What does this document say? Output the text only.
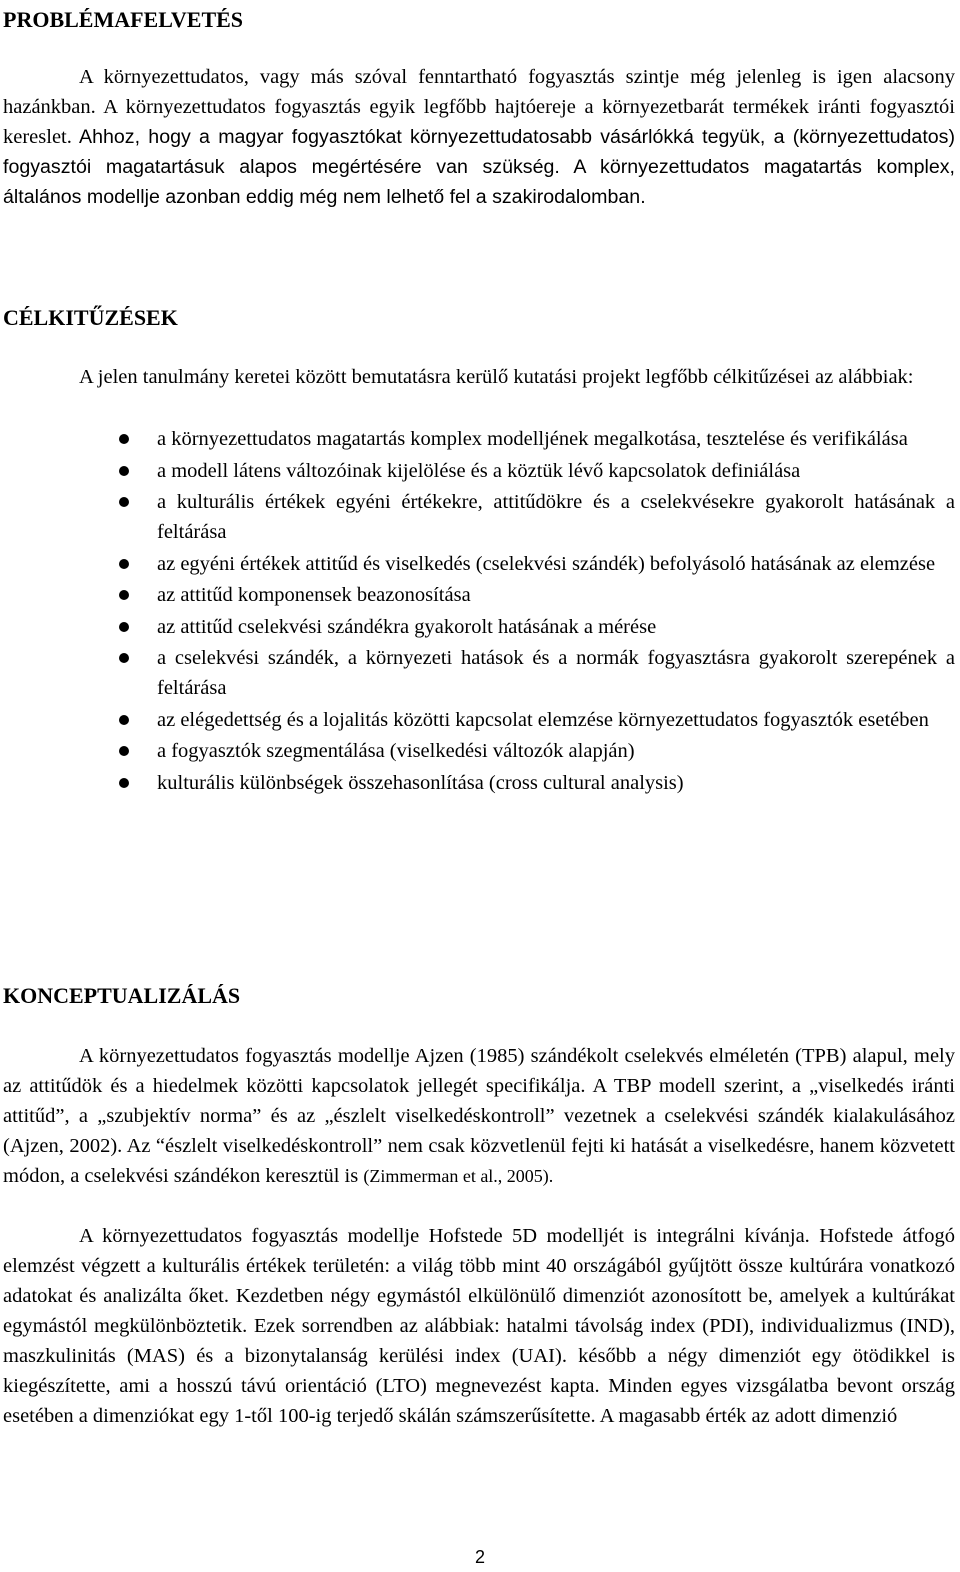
PROBLÉMAFELVETÉS

A környezettudatos, vagy más szóval fenntartható fogyasztás szintje még jelenleg is igen alacsony hazánkban. A környezettudatos fogyasztás egyik legfőbb hajtóereje a környezetbarát termékek iránti fogyasztói kereslet. Ahhoz, hogy a magyar fogyasztókat környezettudatosabb vásárlókká tegyük, a (környezettudatos) fogyasztói magatartásuk alapos megértésére van szükség. A környezettudatos magatartás komplex, általános modellje azonban eddig még nem lelhető fel a szakirodalomban.

CÉLKITŰZÉSEK

A jelen tanulmány keretei között bemutatásra kerülő kutatási projekt legfőbb célkitűzései az alábbiak:

a környezettudatos magatartás komplex modelljének megalkotása, tesztelése és verifikálása
a modell látens változóinak kijelölése és a köztük lévő kapcsolatok definiálása
a kulturális értékek egyéni értékekre, attitűdökre és a cselekvésekre gyakorolt hatásának a feltárása
az egyéni értékek attitűd és viselkedés (cselekvési szándék) befolyásoló hatásának az elemzése
az attitűd komponensek beazonosítása
az attitűd cselekvési szándékra gyakorolt hatásának a mérése
a cselekvési szándék, a környezeti hatások és a normák fogyasztásra gyakorolt szerepének a feltárása
az elégedettség és a lojalitás közötti kapcsolat elemzése környezettudatos fogyasztók esetében
a fogyasztók szegmentálása (viselkedési változók alapján)
kulturális különbségek összehasonlítása (cross cultural analysis)
KONCEPTUALIZÁLÁS

A környezettudatos fogyasztás modellje Ajzen (1985) szándékolt cselekvés elméletén (TPB) alapul, mely az attitűdök és a hiedelmek közötti kapcsolatok jellegét specifikálja. A TBP modell szerint, a „viselkedés iránti attitűd”, a „szubjektív norma” és az „észlelt viselkedéskontroll” vezetnek a cselekvési szándék kialakulásához (Ajzen, 2002). Az “észlelt viselkedéskontroll” nem csak közvetlenül fejti ki hatását a viselkedésre, hanem közvetett módon, a cselekvési szándékon keresztül is (Zimmerman et al., 2005).

A környezettudatos fogyasztás modellje Hofstede 5D modelljét is integrálni kívánja. Hofstede átfogó elemzést végzett a kulturális értékek területén: a világ több mint 40 országából gyűjtött össze kultúrára vonatkozó adatokat és analizálta őket. Kezdetben négy egymástól elkülönülő dimenziót azonosított be, amelyek a kultúrákat egymástól megkülönböztetik. Ezek sorrendben az alábbiak: hatalmi távolság index (PDI), individualizmus (IND), maszkulinitás (MAS) és a bizonytalanság kerülési index (UAI). később a négy dimenziót egy ötödikkel is kiegészítette, ami a hosszú távú orientáció (LTO) megnevezést kapta. Minden egyes vizsgálatba bevont ország esetében a dimenziókat egy 1-től 100-ig terjedő skálán számszerűsítette. A magasabb érték az adott dimenzió

2
